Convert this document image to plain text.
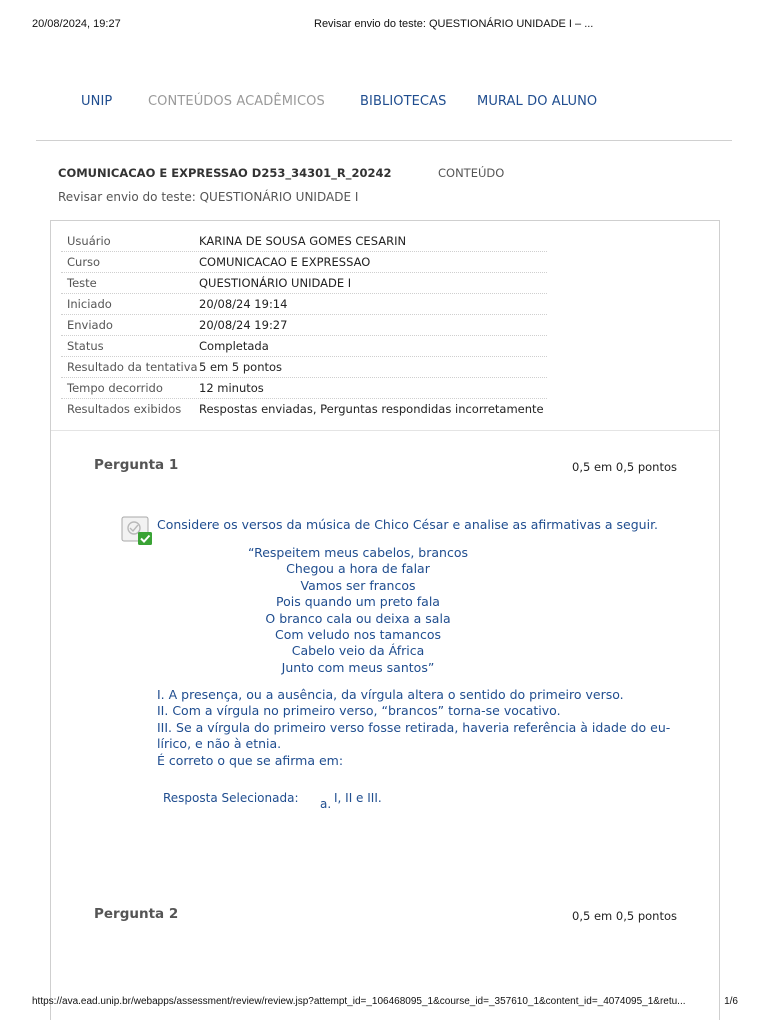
20/08/2024, 19:27	Revisar envio do teste: QUESTIONÁRIO UNIDADE I – ...
UNIP	CONTEÚDOS ACADÊMICOS	BIBLIOTECAS MURAL DO ALUNO
COMUNICACAO E EXPRESSAO D253_34301_R_20242	CONTEÚDO
Revisar envio do teste: QUESTIONÁRIO UNIDADE I
Usuário	KARINA DE SOUSA GOMES CESARIN
Curso	COMUNICACAO E EXPRESSAO
Teste	QUESTIONÁRIO UNIDADE I
Iniciado	20/08/24 19:14
Enviado	20/08/24 19:27
Status	Completada
Resultado da tentativa 5 em 5 pontos
Tempo decorrido	12 minutos
Resultados exibidos Respostas enviadas, Perguntas respondidas incorretamente
Pergunta 1	0,5 em 0,5 pontos
Considere os versos da música de Chico César e analise as afirmativas a seguir.
“Respeitem meus cabelos, brancos
Chegou a hora de falar
Vamos ser francos
Pois quando um preto fala
O branco cala ou deixa a sala
Com veludo nos tamancos
Cabelo veio da África
Junto com meus santos”
I. A presença, ou a ausência, da vírgula altera o sentido do primeiro verso.
II. Com a vírgula no primeiro verso, “brancos” torna-se vocativo.
III. Se a vírgula do primeiro verso fosse retirada, haveria referência à idade do eu-
lírico, e não à etnia.
É correto o que se afirma em:
Resposta Selecionada: a. I, II e III.
Pergunta 2	0,5 em 0,5 pontos
https://ava.ead.unip.br/webapps/assessment/review/review.jsp?attempt_id=_106468095_1&course_id=_357610_1&content_id=_4074095_1&retu...	1/6
